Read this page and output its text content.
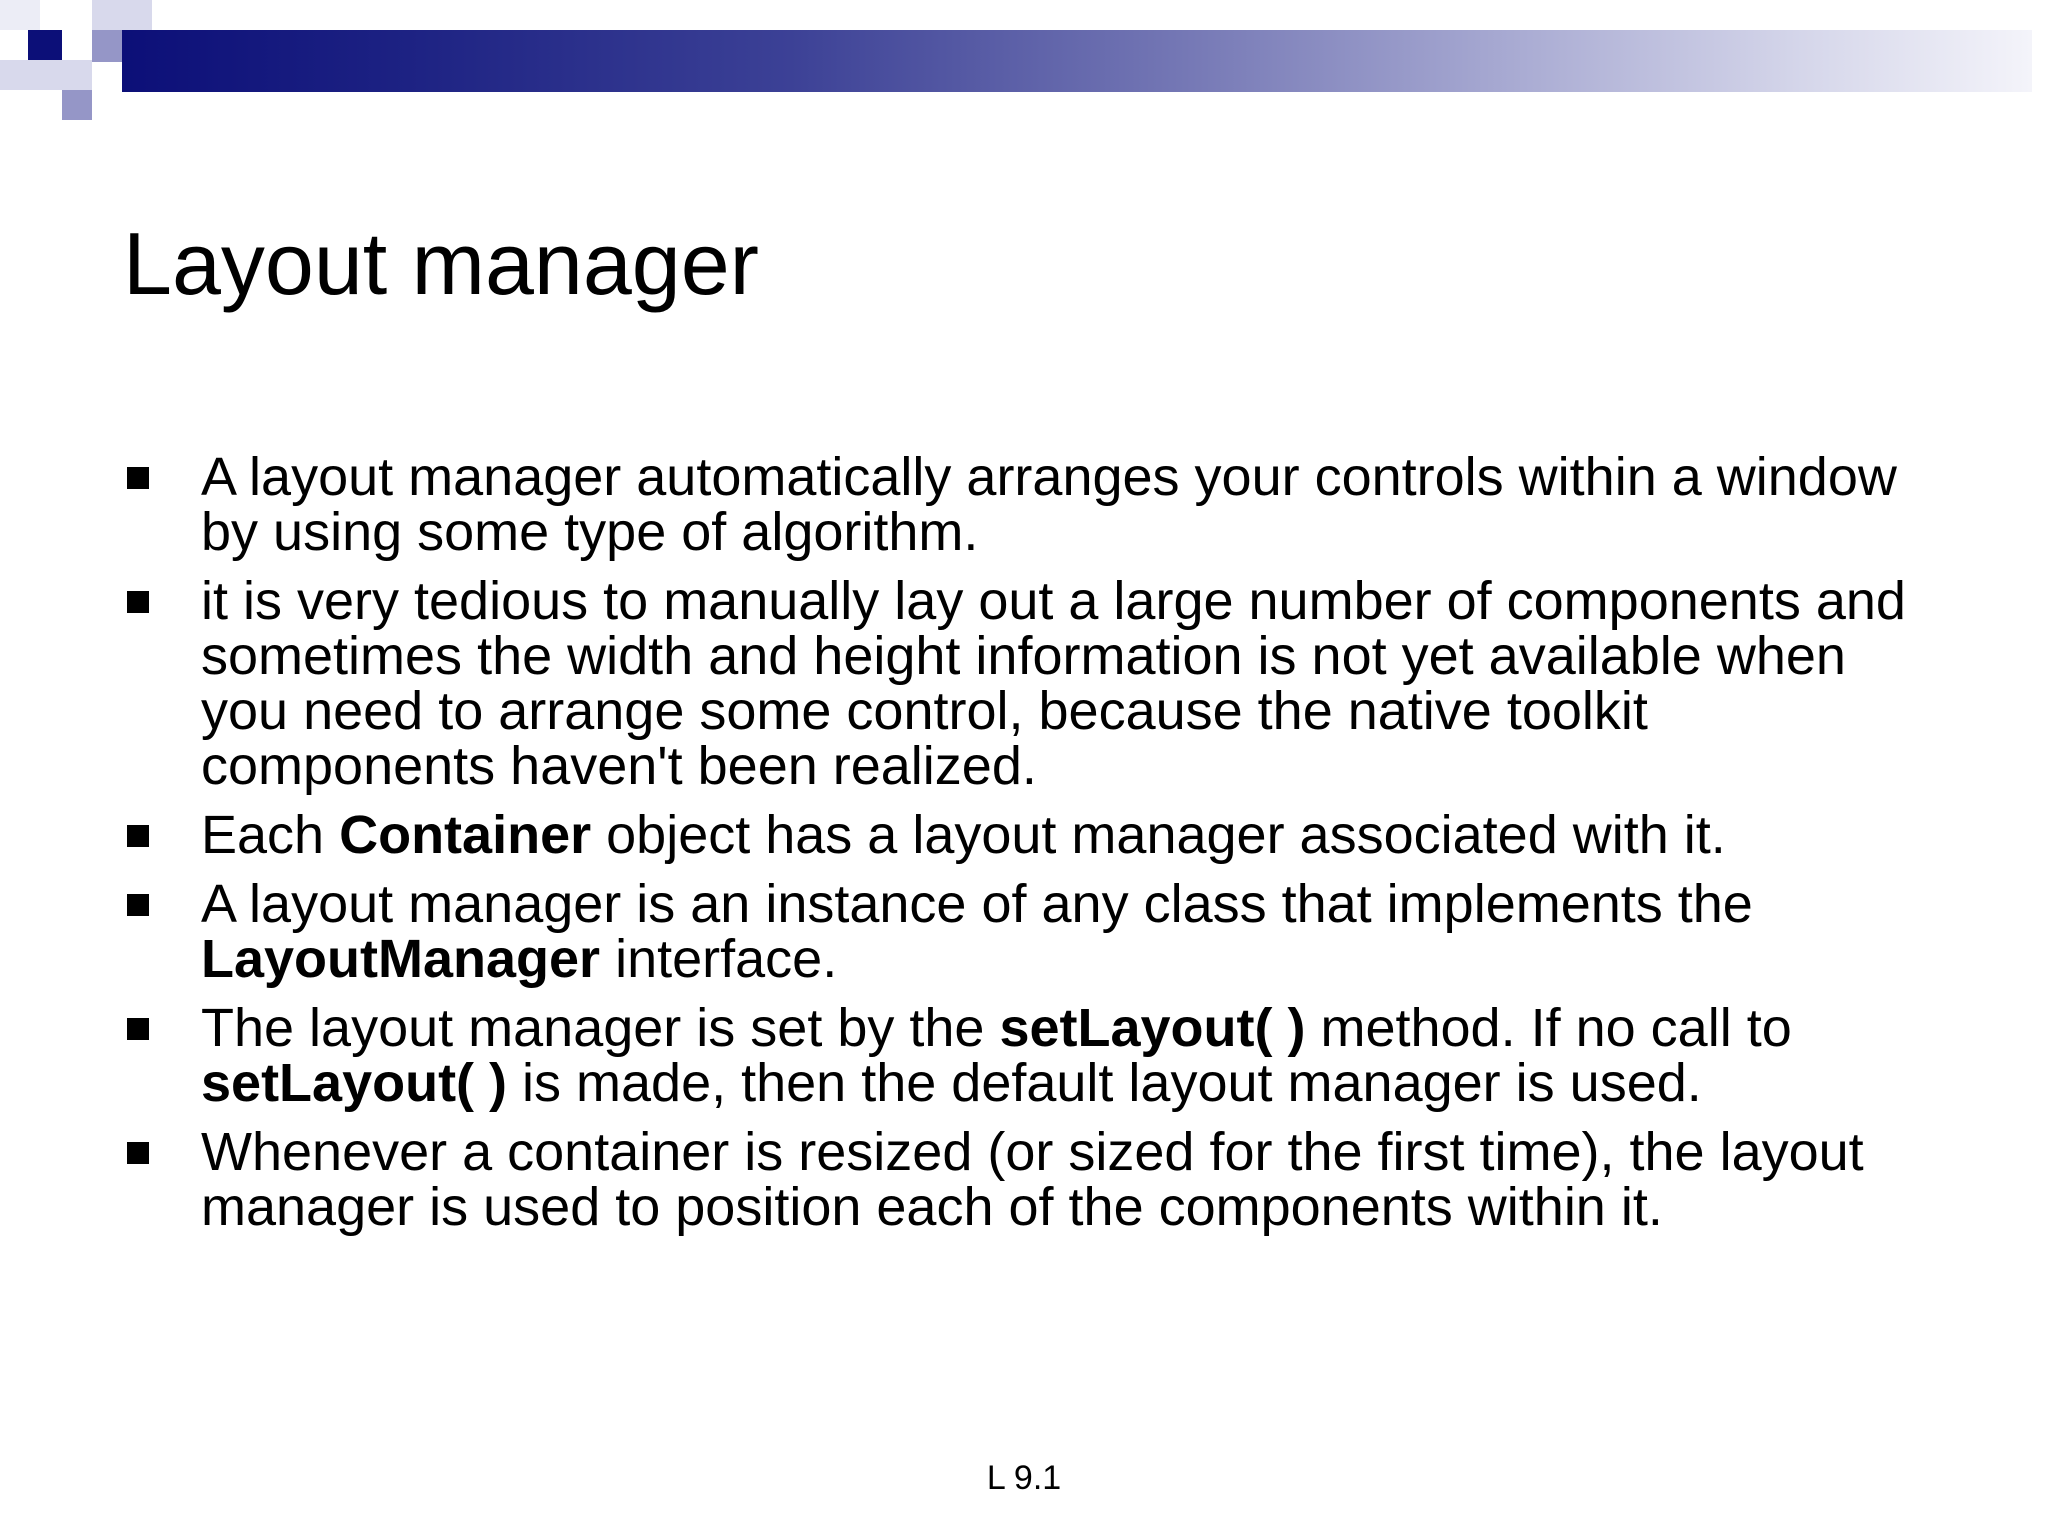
Layout manager
A layout manager automatically arranges your controls within a window by using some type of algorithm.
it is very tedious to manually lay out a large number of components and sometimes the width and height information is not yet available when you need to arrange some control, because the native toolkit components haven't been realized.
Each Container object has a layout manager associated with it.
A layout manager is an instance of any class that implements the LayoutManager interface.
The layout manager is set by the setLayout( ) method. If no call to setLayout( ) is made, then the default layout manager is used.
Whenever a container is resized (or sized for the first time), the layout manager is used to position each of the components within it.
L 9.1
